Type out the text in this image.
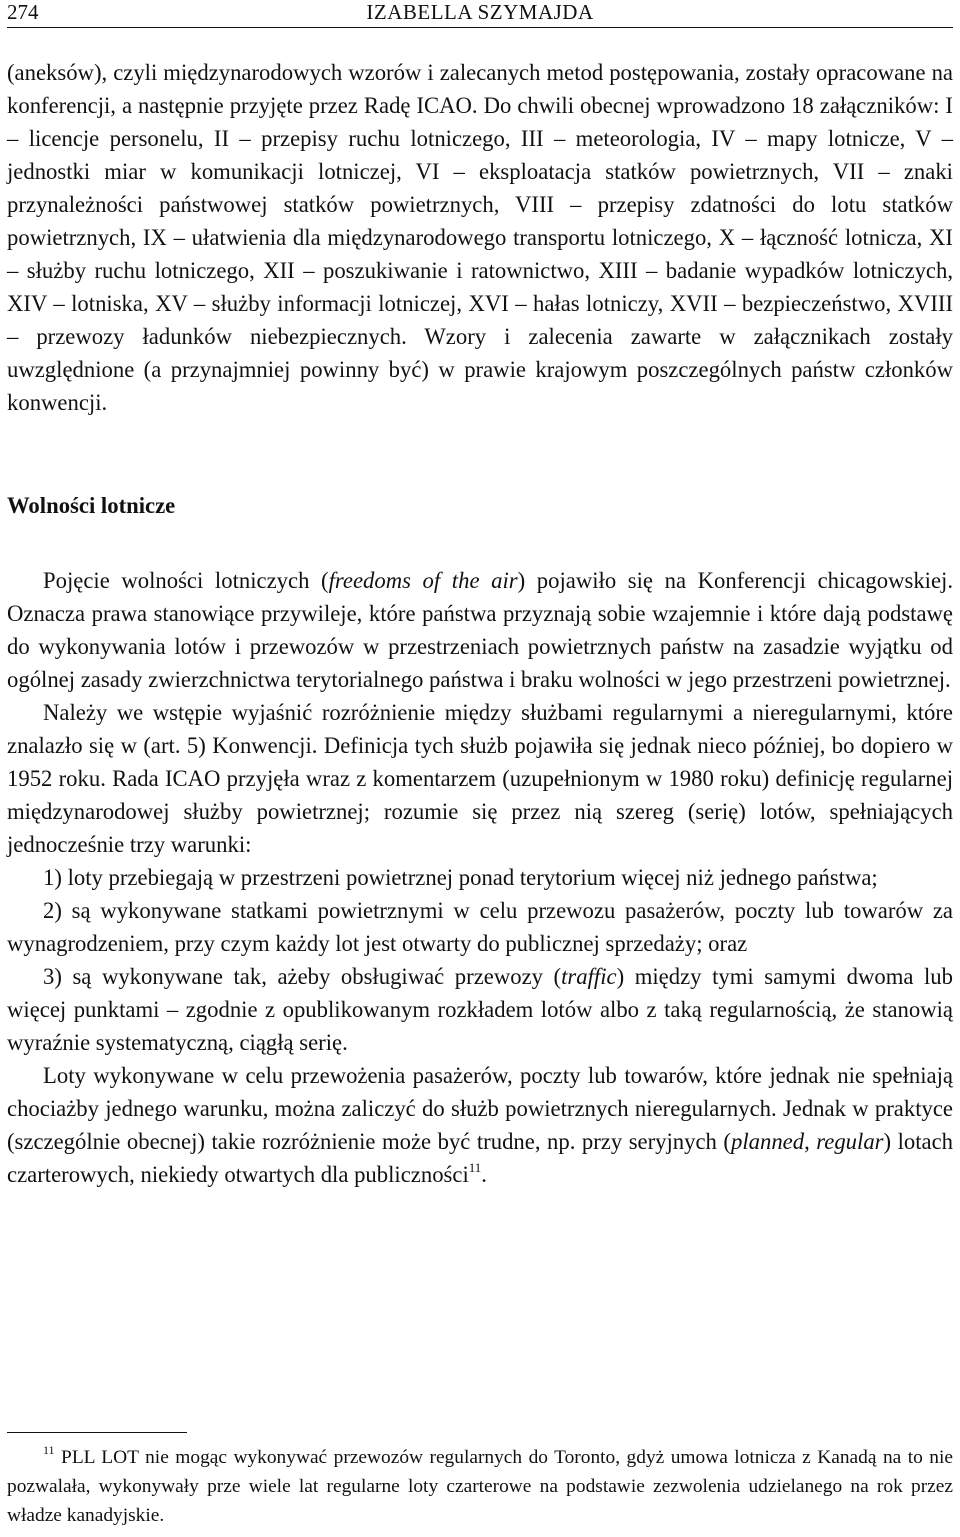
274	IZABELLA SZYMAJDA

(aneksów), czyli międzynarodowych wzorów i zalecanych metod postępowania, zostały opracowane na konferencji, a następnie przyjęte przez Radę ICAO. Do chwili obecnej wprowadzono 18 załączników: I – licencje personelu, II – przepisy ruchu lotniczego, III – meteorologia, IV – mapy lotnicze, V – jednostki miar w komunikacji lotniczej, VI – eksploatacja statków powietrznych, VII – znaki przynależności państwowej statków powietrznych, VIII – przepisy zdatności do lotu statków powietrznych, IX – ułatwienia dla międzynarodowego transportu lotniczego, X – łączność lotnicza, XI – służby ruchu lotniczego, XII – poszukiwanie i ratownictwo, XIII – badanie wypadków lotniczych, XIV – lotniska, XV – służby informacji lotniczej, XVI – hałas lotniczy, XVII – bezpieczeństwo, XVIII – przewozy ładunków niebezpiecznych. Wzory i zalecenia zawarte w załącznikach zostały uwzględnione (a przynajmniej powinny być) w prawie krajowym poszczególnych państw członków konwencji.

Wolności lotnicze

Pojęcie wolności lotniczych (freedoms of the air) pojawiło się na Konferencji chicagowskiej. Oznacza prawa stanowiące przywileje, które państwa przyznają sobie wzajemnie i które dają podstawę do wykonywania lotów i przewozów w przestrzeniach powietrznych państw na zasadzie wyjątku od ogólnej zasady zwierzchnictwa terytorialnego państwa i braku wolności w jego przestrzeni powietrznej.

Należy we wstępie wyjaśnić rozróżnienie między służbami regularnymi a nieregularnymi, które znalazło się w (art. 5) Konwencji. Definicja tych służb pojawiła się jednak nieco później, bo dopiero w 1952 roku. Rada ICAO przyjęła wraz z komentarzem (uzupełnionym w 1980 roku) definicję regularnej międzynarodowej służby powietrznej; rozumie się przez nią szereg (serię) lotów, spełniających jednocześnie trzy warunki:

1) loty przebiegają w przestrzeni powietrznej ponad terytorium więcej niż jednego państwa;

2) są wykonywane statkami powietrznymi w celu przewozu pasażerów, poczty lub towarów za wynagrodzeniem, przy czym każdy lot jest otwarty do publicznej sprzedaży; oraz

3) są wykonywane tak, ażeby obsługiwać przewozy (traffic) między tymi samymi dwoma lub więcej punktami – zgodnie z opublikowanym rozkładem lotów albo z taką regularnością, że stanowią wyraźnie systematyczną, ciągłą serię.

Loty wykonywane w celu przewożenia pasażerów, poczty lub towarów, które jednak nie spełniają chociażby jednego warunku, można zaliczyć do służb powietrznych nieregularnych. Jednak w praktyce (szczególnie obecnej) takie rozróżnienie może być trudne, np. przy seryjnych (planned, regular) lotach czarterowych, niekiedy otwartych dla publiczności$^{11}$.

$^{11}$ PLL LOT nie mogąc wykonywać przewozów regularnych do Toronto, gdyż umowa lotnicza z Kanadą na to nie pozwalała, wykonywały prze wiele lat regularne loty czarterowe na podstawie zezwolenia udzielanego na rok przez władze kanadyjskie.
